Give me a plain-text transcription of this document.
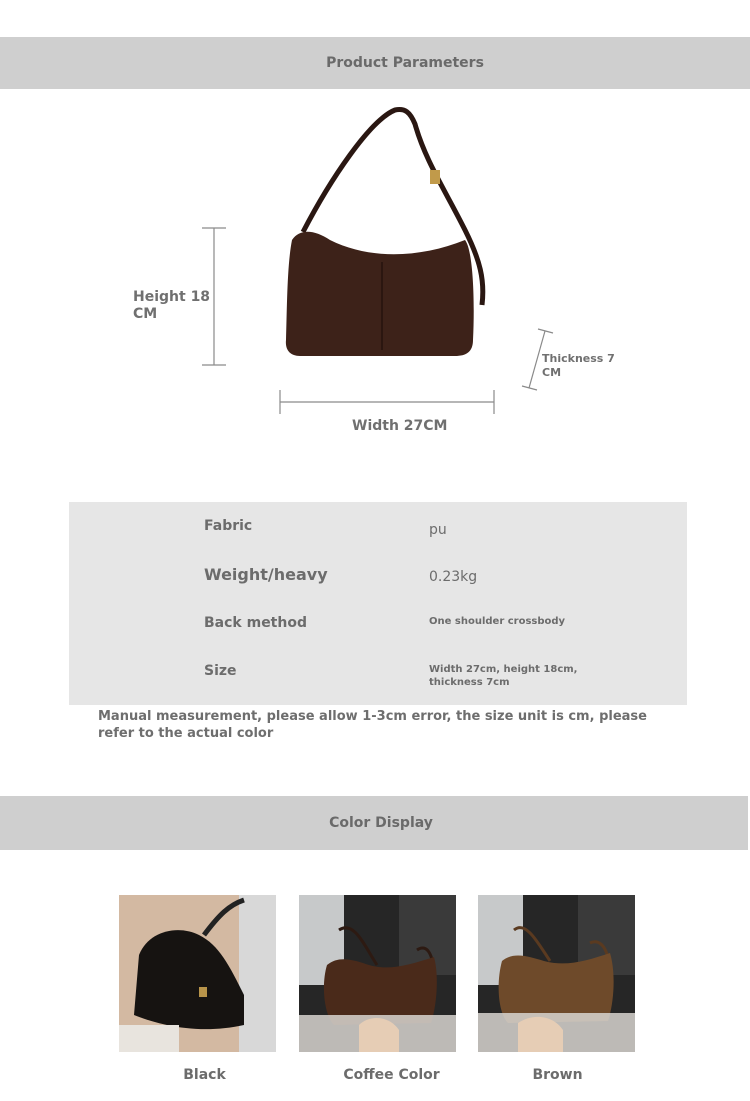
Product Parameters
Height 18 CM
Width 27CM
Thickness 7 CM
Fabric	pu
Weight/heavy	0.23kg
Back method	One shoulder crossbody
Size	Width 27cm, height 18cm, thickness 7cm
Manual measurement, please allow 1-3cm error, the size unit is cm, please refer to the actual color
Color Display
Black	Coffee Color	Brown
